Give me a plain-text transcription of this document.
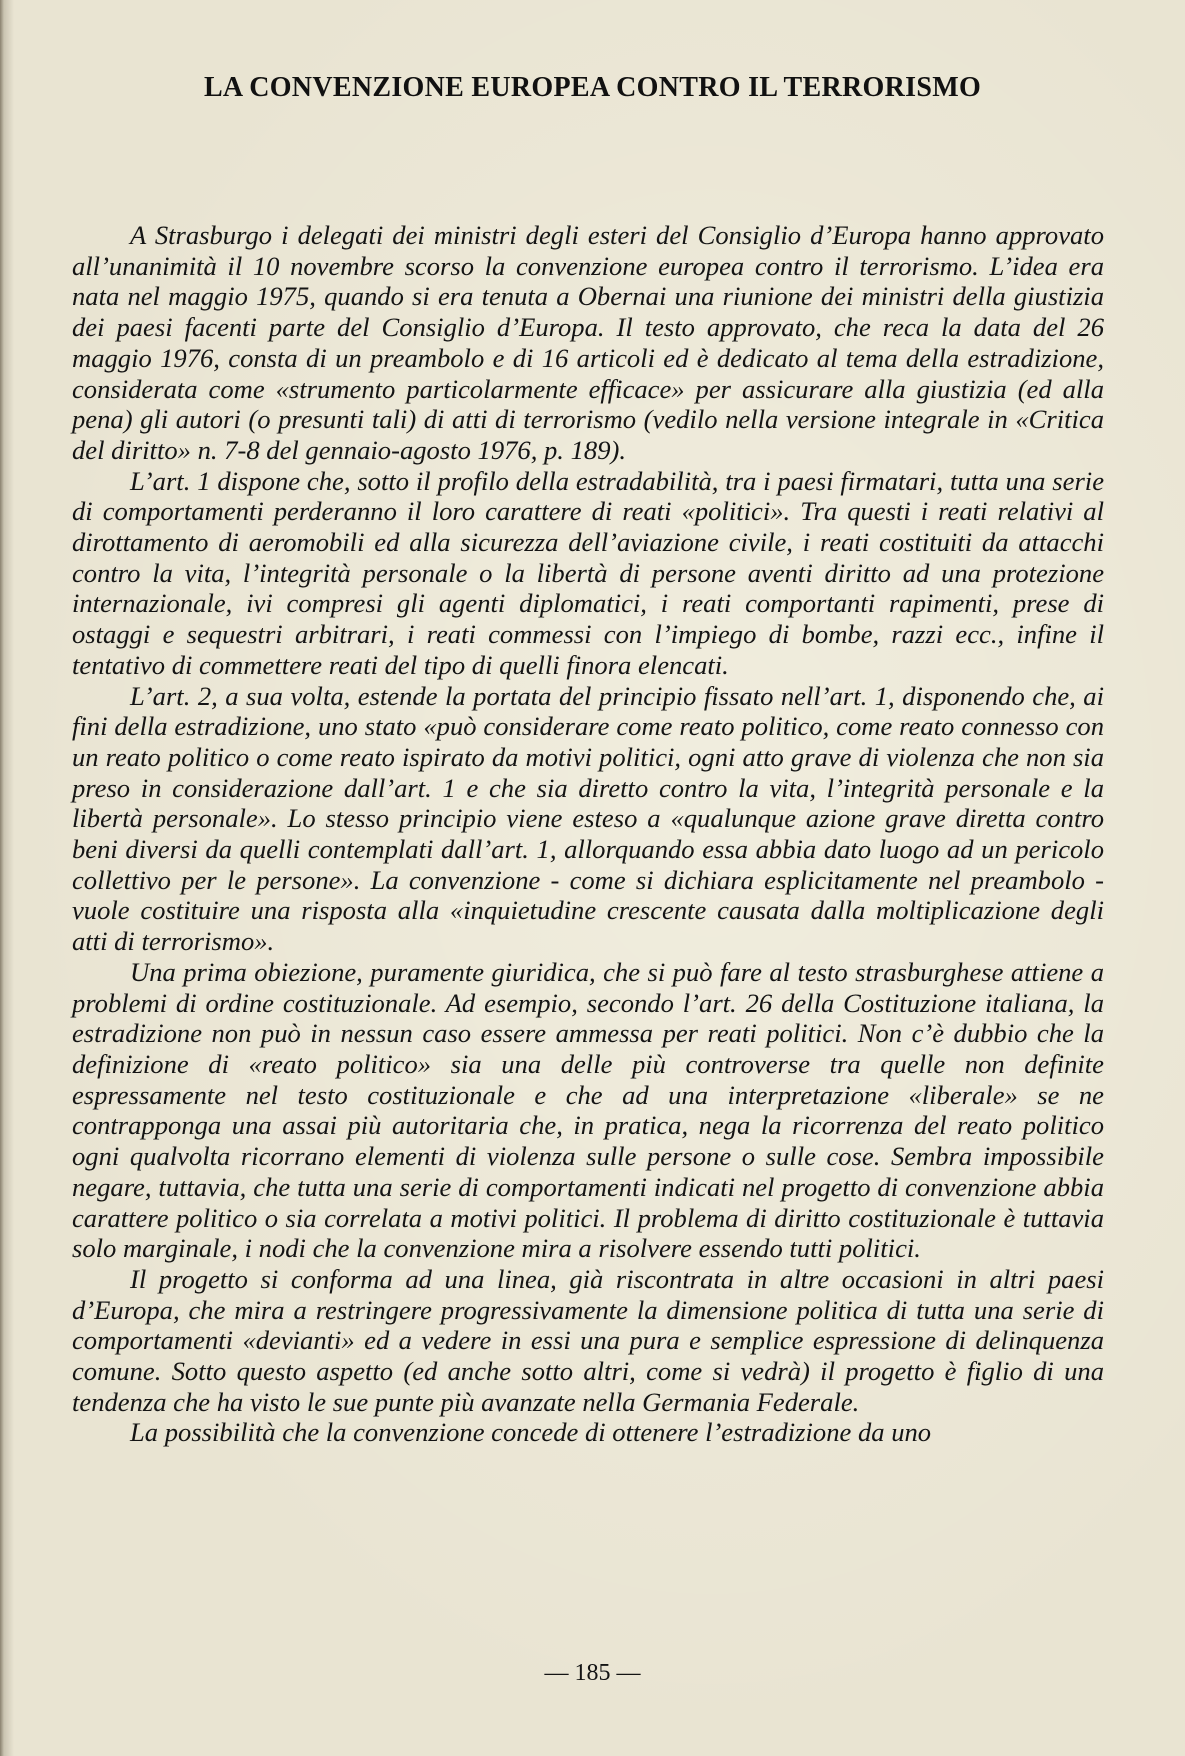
LA CONVENZIONE EUROPEA CONTRO IL TERRORISMO

A Strasburgo i delegati dei ministri degli esteri del Consiglio d’Europa hanno approvato all’unanimità il 10 novembre scorso la convenzione europea contro il terrorismo. L’idea era nata nel maggio 1975, quando si era tenuta a Obernai una riunione dei ministri della giustizia dei paesi facenti parte del Consiglio d’Europa. Il testo approvato, che reca la data del 26 maggio 1976, consta di un preambolo e di 16 articoli ed è dedicato al tema della estradizione, considerata come «strumento particolarmente efficace» per assicurare alla giustizia (ed alla pena) gli autori (o presunti tali) di atti di terrorismo (vedilo nella versione integrale in «Critica del diritto» n. 7-8 del gennaio-agosto 1976, p. 189).

L’art. 1 dispone che, sotto il profilo della estradabilità, tra i paesi firmatari, tutta una serie di comportamenti perderanno il loro carattere di reati «politici». Tra questi i reati relativi al dirottamento di aeromobili ed alla sicurezza dell’aviazione civile, i reati costituiti da attacchi contro la vita, l’integrità personale o la libertà di persone aventi diritto ad una protezione internazionale, ivi compresi gli agenti diplomatici, i reati comportanti rapimenti, prese di ostaggi e sequestri arbitrari, i reati commessi con l’impiego di bombe, razzi ecc., infine il tentativo di commettere reati del tipo di quelli finora elencati.

L’art. 2, a sua volta, estende la portata del principio fissato nell’art. 1, disponendo che, ai fini della estradizione, uno stato «può considerare come reato politico, come reato connesso con un reato politico o come reato ispirato da motivi politici, ogni atto grave di violenza che non sia preso in considerazione dall’art. 1 e che sia diretto contro la vita, l’integrità personale e la libertà personale». Lo stesso principio viene esteso a «qualunque azione grave diretta contro beni diversi da quelli contemplati dall’art. 1, allorquando essa abbia dato luogo ad un pericolo collettivo per le persone». La convenzione - come si dichiara esplicitamente nel preambolo - vuole costituire una risposta alla «inquietudine crescente causata dalla moltiplicazione degli atti di terrorismo».

Una prima obiezione, puramente giuridica, che si può fare al testo strasburghese attiene a problemi di ordine costituzionale. Ad esempio, secondo l’art. 26 della Costituzione italiana, la estradizione non può in nessun caso essere ammessa per reati politici. Non c’è dubbio che la definizione di «reato politico» sia una delle più controverse tra quelle non definite espressamente nel testo costituzionale e che ad una interpretazione «liberale» se ne contrapponga una assai più autoritaria che, in pratica, nega la ricorrenza del reato politico ogni qualvolta ricorrano elementi di violenza sulle persone o sulle cose. Sembra impossibile negare, tuttavia, che tutta una serie di comportamenti indicati nel progetto di convenzione abbia carattere politico o sia correlata a motivi politici. Il problema di diritto costituzionale è tuttavia solo marginale, i nodi che la convenzione mira a risolvere essendo tutti politici.

Il progetto si conforma ad una linea, già riscontrata in altre occasioni in altri paesi d’Europa, che mira a restringere progressivamente la dimensione politica di tutta una serie di comportamenti «devianti» ed a vedere in essi una pura e semplice espressione di delinquenza comune. Sotto questo aspetto (ed anche sotto altri, come si vedrà) il progetto è figlio di una tendenza che ha visto le sue punte più avanzate nella Germania Federale.

La possibilità che la convenzione concede di ottenere l’estradizione da uno

— 185 —
